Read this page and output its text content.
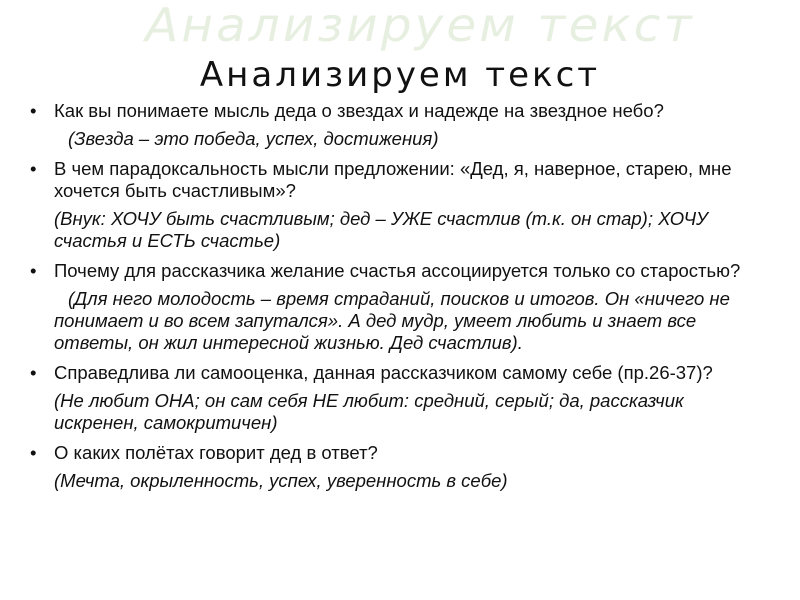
Анализируем текст
Анализируем текст

• Как вы понимаете мысль деда о звездах и надежде на звездное небо?

(Звезда – это победа, успех, достижения)

• В чем парадоксальность мысли предложении: «Дед, я, наверное, старею, мне хочется быть счастливым»?

(Внук: ХОЧУ быть счастливым; дед – УЖЕ счастлив (т.к. он стар); ХОЧУ счастья и ЕСТЬ счастье)

• Почему для рассказчика желание счастья ассоциируется только со старостью?

(Для него молодость – время страданий, поисков и итогов. Он «ничего не понимает и во всем запутался». А дед мудр, умеет любить и знает все ответы, он жил интересной жизнью. Дед счастлив).

• Справедлива ли самооценка, данная рассказчиком самому себе (пр.26-37)?

(Не любит ОНА; он сам себя НЕ любит: средний, серый; да, рассказчик искренен, самокритичен)

• О каких полётах говорит дед в ответ?

(Мечта, окрыленность, успех, уверенность в себе)
